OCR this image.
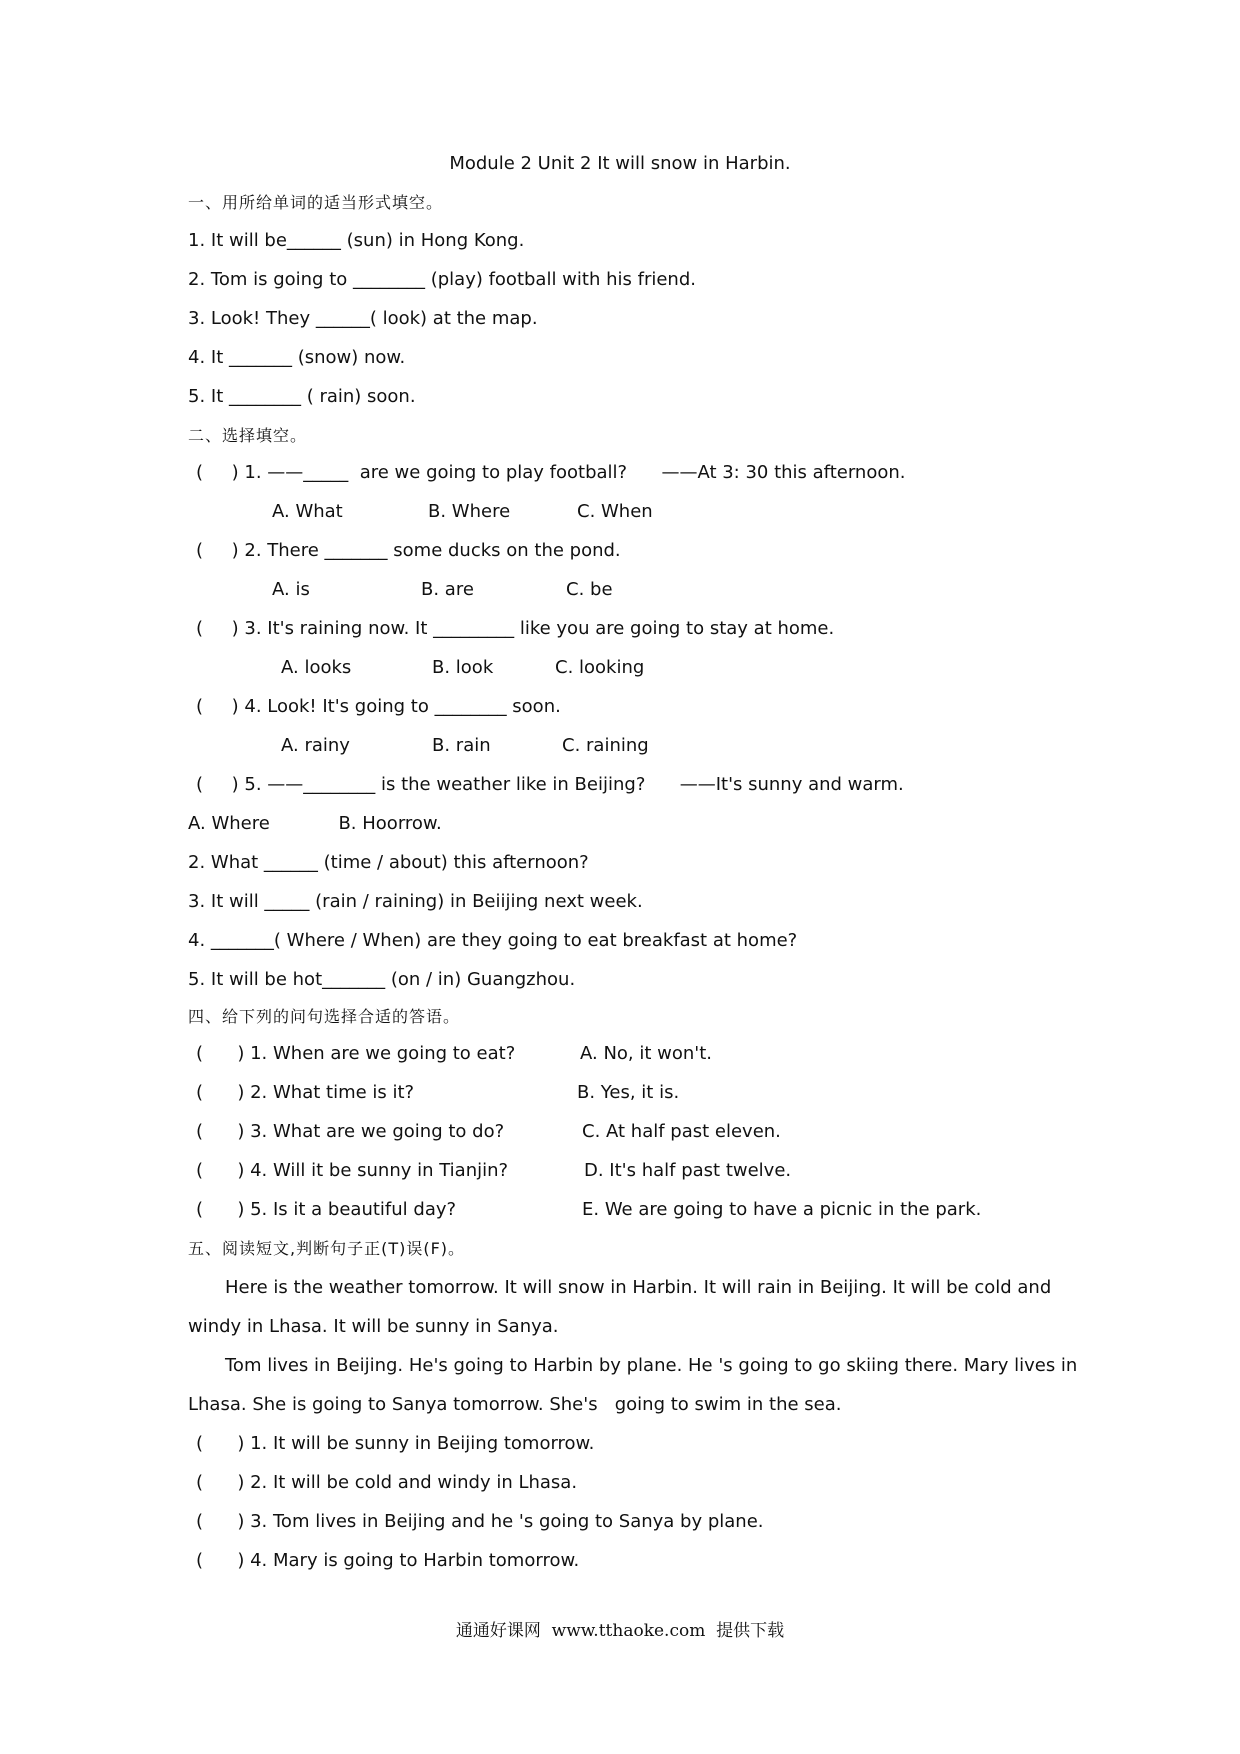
Module 2 Unit 2 It will snow in Harbin.
一、用所给单词的适当形式填空。
1. It will be______ (sun) in Hong Kong.
2. Tom is going to ________ (play) football with his friend.
3. Look! They ______( look) at the map.
4. It _______ (snow) now.
5. It ________ ( rain) soon.
二、选择填空。
(     ) 1. ——_____  are we going to play football?      ——At 3: 30 this afternoon.
A. What	B. Where	C. When
(     ) 2. There _______ some ducks on the pond.
A. is	B. are	C. be
(     ) 3. It's raining now. It _________ like you are going to stay at home.
A. looks	B. look	C. looking
(     ) 4. Look! It's going to ________ soon.
A. rainy	B. rain	C. raining
(     ) 5. ——________ is the weather like in Beijing?      ——It's sunny and warm.
A. Where            B. Hoorrow.
2. What ______ (time / about) this afternoon?
3. It will _____ (rain / raining) in Beiijing next week.
4. _______( Where / When) are they going to eat breakfast at home?
5. It will be hot_______ (on / in) Guangzhou.
四、给下列的问句选择合适的答语。
(      ) 1. When are we going to eat?	A. No, it won't.
(      ) 2. What time is it?	B. Yes, it is.
(      ) 3. What are we going to do?	C. At half past eleven.
(      ) 4. Will it be sunny in Tianjin?	D. It's half past twelve.
(      ) 5. Is it a beautiful day?	E. We are going to have a picnic in the park.
五、阅读短文,判断句子正(T)误(F)。
Here is the weather tomorrow. It will snow in Harbin. It will rain in Beijing. It will be cold and
windy in Lhasa. It will be sunny in Sanya.
Tom lives in Beijing. He's going to Harbin by plane. He 's going to go skiing there. Mary lives in
Lhasa. She is going to Sanya tomorrow. She's   going to swim in the sea.
(      ) 1. It will be sunny in Beijing tomorrow.
(      ) 2. It will be cold and windy in Lhasa.
(      ) 3. Tom lives in Beijing and he 's going to Sanya by plane.
(      ) 4. Mary is going to Harbin tomorrow.
通通好课网  www.tthaoke.com  提供下载
